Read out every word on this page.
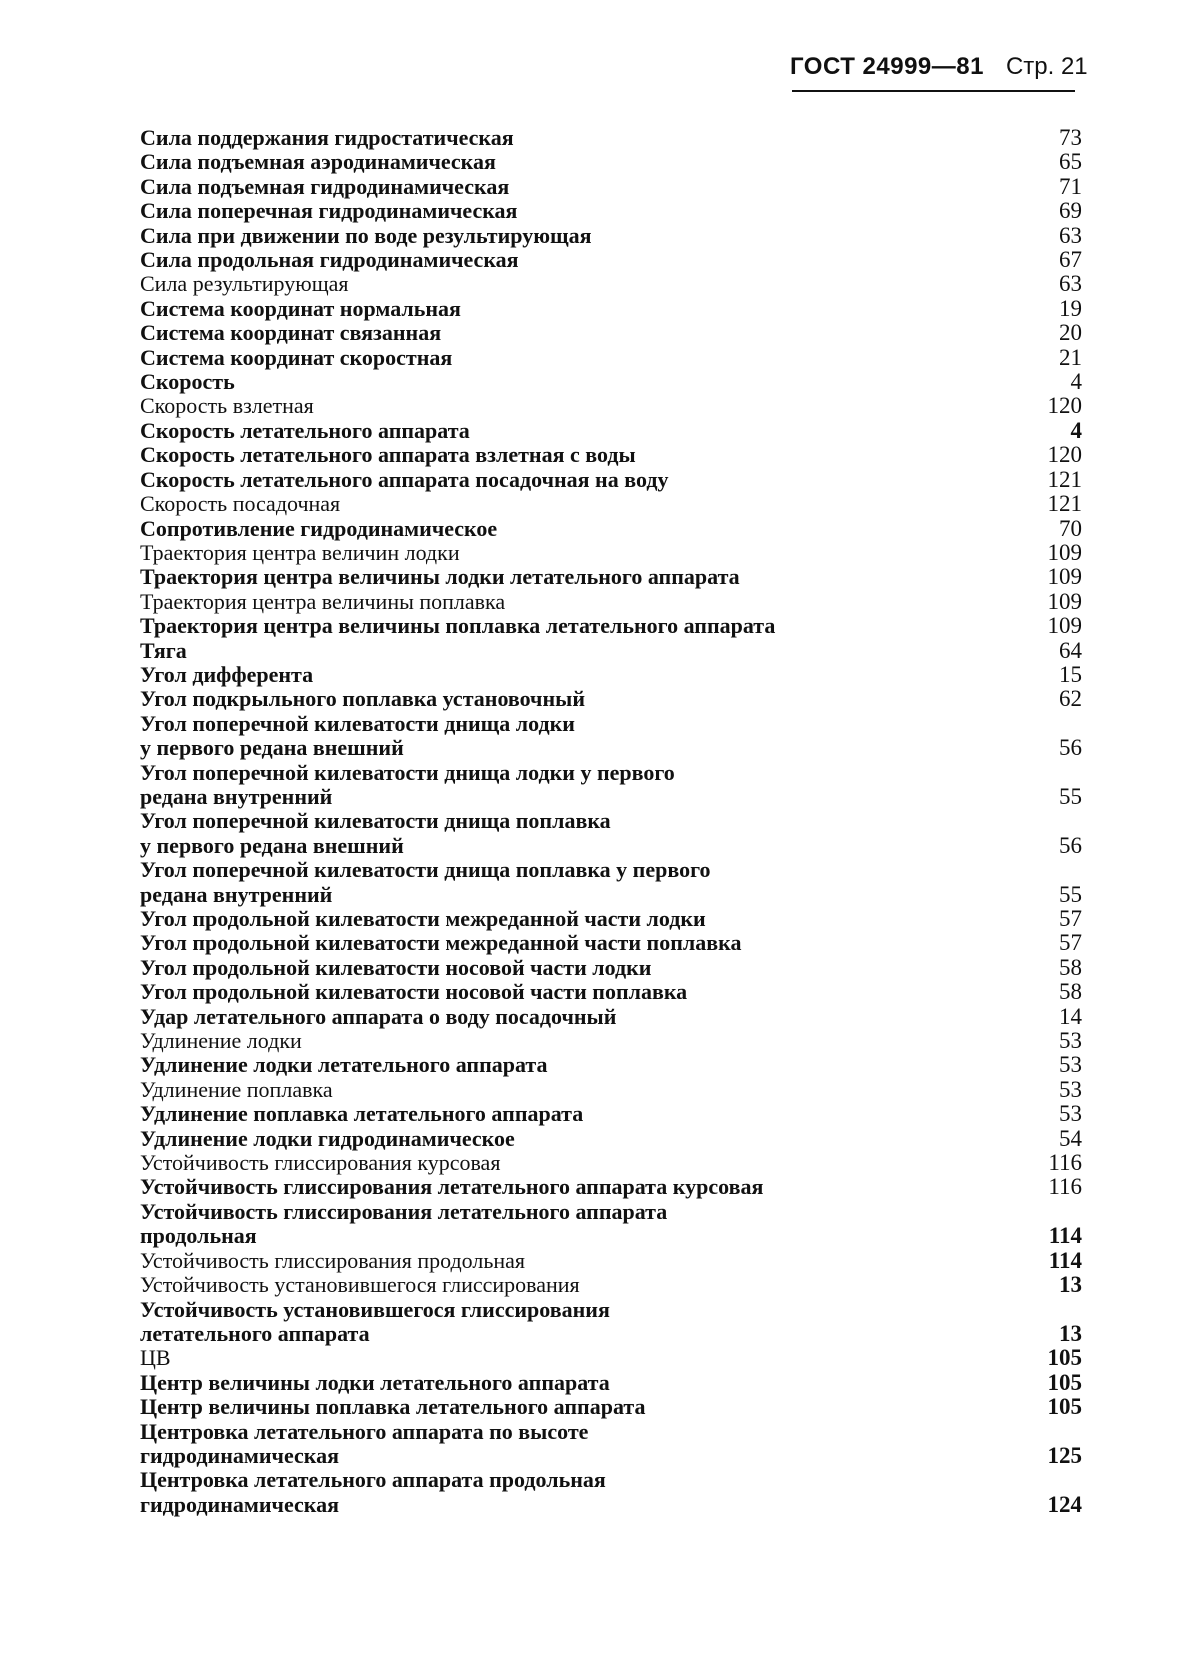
ГОСТ 24999—81 Стр. 21
Сила поддержания гидростатическая	73
Сила подъемная аэродинамическая	65
Сила подъемная гидродинамическая	71
Сила поперечная гидродинамическая	69
Сила при движении по воде результирующая	63
Сила продольная гидродинамическая	67
Сила результирующая	63
Система координат нормальная	19
Система координат связанная	20
Система координат скоростная	21
Скорость	4
Скорость взлетная	120
Скорость летательного аппарата	4
Скорость летательного аппарата взлетная с воды	120
Скорость летательного аппарата посадочная на воду	121
Скорость посадочная	121
Сопротивление гидродинамическое	70
Траектория центра величин лодки	109
Траектория центра величины лодки летательного аппарата	109
Траектория центра величины поплавка	109
Траектория центра величины поплавка летательного аппарата	109
Тяга	64
Угол дифферента	15
Угол подкрыльного поплавка установочный	62
Угол поперечной килеватости днища лодки
у первого редана внешний	56
Угол поперечной килеватости днища лодки у первого
редана внутренний	55
Угол поперечной килеватости днища поплавка
у первого редана внешний	56
Угол поперечной килеватости днища поплавка у первого
редана внутренний	55
Угол продольной килеватости межреданной части лодки	57
Угол продольной килеватости межреданной части поплавка	57
Угол продольной килеватости носовой части лодки	58
Угол продольной килеватости носовой части поплавка	58
Удар летательного аппарата о воду посадочный	14
Удлинение лодки	53
Удлинение лодки летательного аппарата	53
Удлинение поплавка	53
Удлинение поплавка летательного аппарата	53
Удлинение лодки гидродинамическое	54
Устойчивость глиссирования курсовая	116
Устойчивость глиссирования летательного аппарата курсовая	116
Устойчивость глиссирования летательного аппарата
продольная	114
Устойчивость глиссирования продольная	114
Устойчивость установившегося глиссирования	13
Устойчивость установившегося глиссирования
летательного аппарата	13
ЦВ	105
Центр величины лодки летательного аппарата	105
Центр величины поплавка летательного аппарата	105
Центровка летательного аппарата по высоте
гидродинамическая	125
Центровка летательного аппарата продольная
гидродинамическая	124
